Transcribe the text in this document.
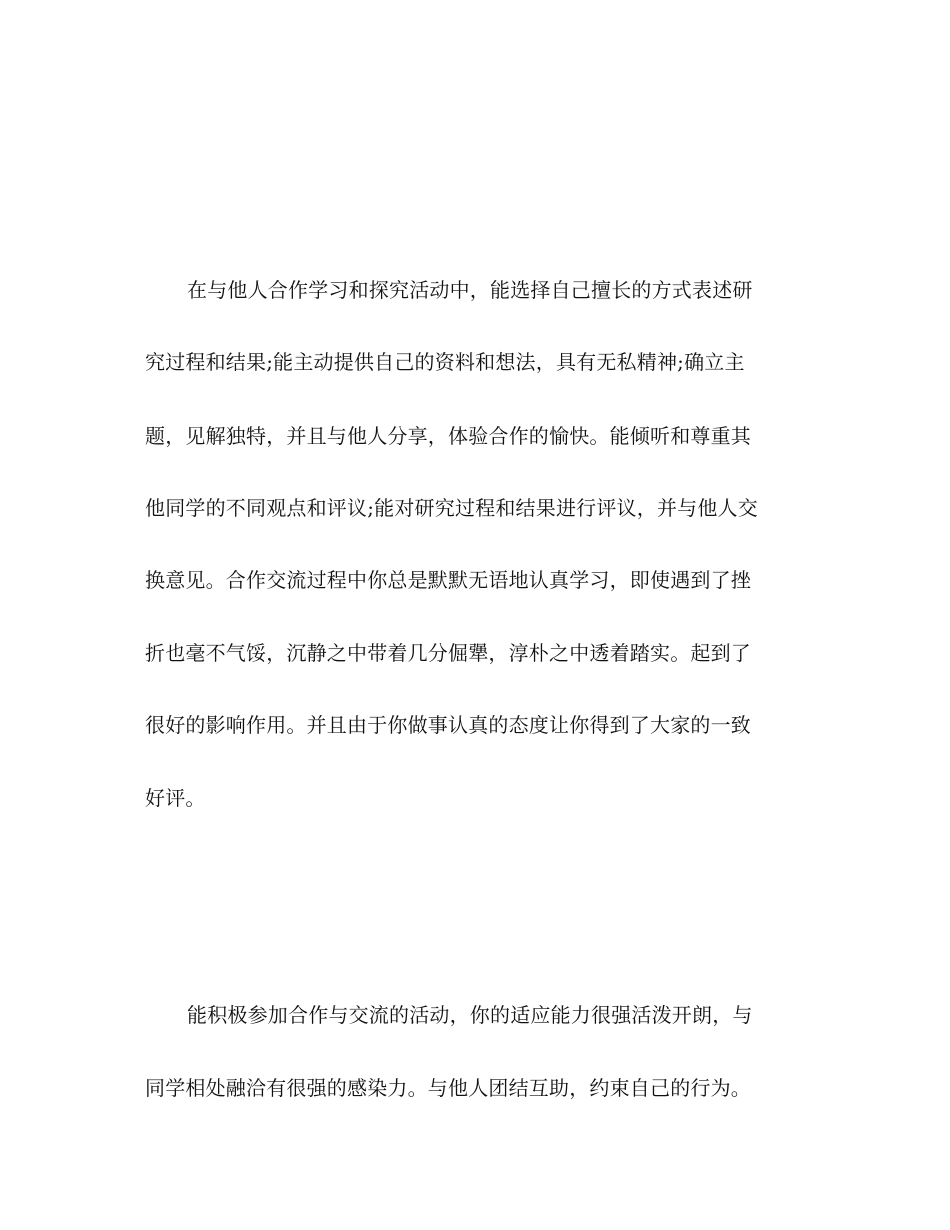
在与他人合作学习和探究活动中，能选择自己擅长的方式表述研
究过程和结果;能主动提供自己的资料和想法，具有无私精神;确立主
题，见解独特，并且与他人分享，体验合作的愉快。能倾听和尊重其
他同学的不同观点和评议;能对研究过程和结果进行评议，并与他人交
换意见。合作交流过程中你总是默默无语地认真学习，即使遇到了挫
折也毫不气馁，沉静之中带着几分倔犟，淳朴之中透着踏实。起到了
很好的影响作用。并且由于你做事认真的态度让你得到了大家的一致
好评。
能积极参加合作与交流的活动，你的适应能力很强活泼开朗，与
同学相处融洽有很强的感染力。与他人团结互助，约束自己的行为。
